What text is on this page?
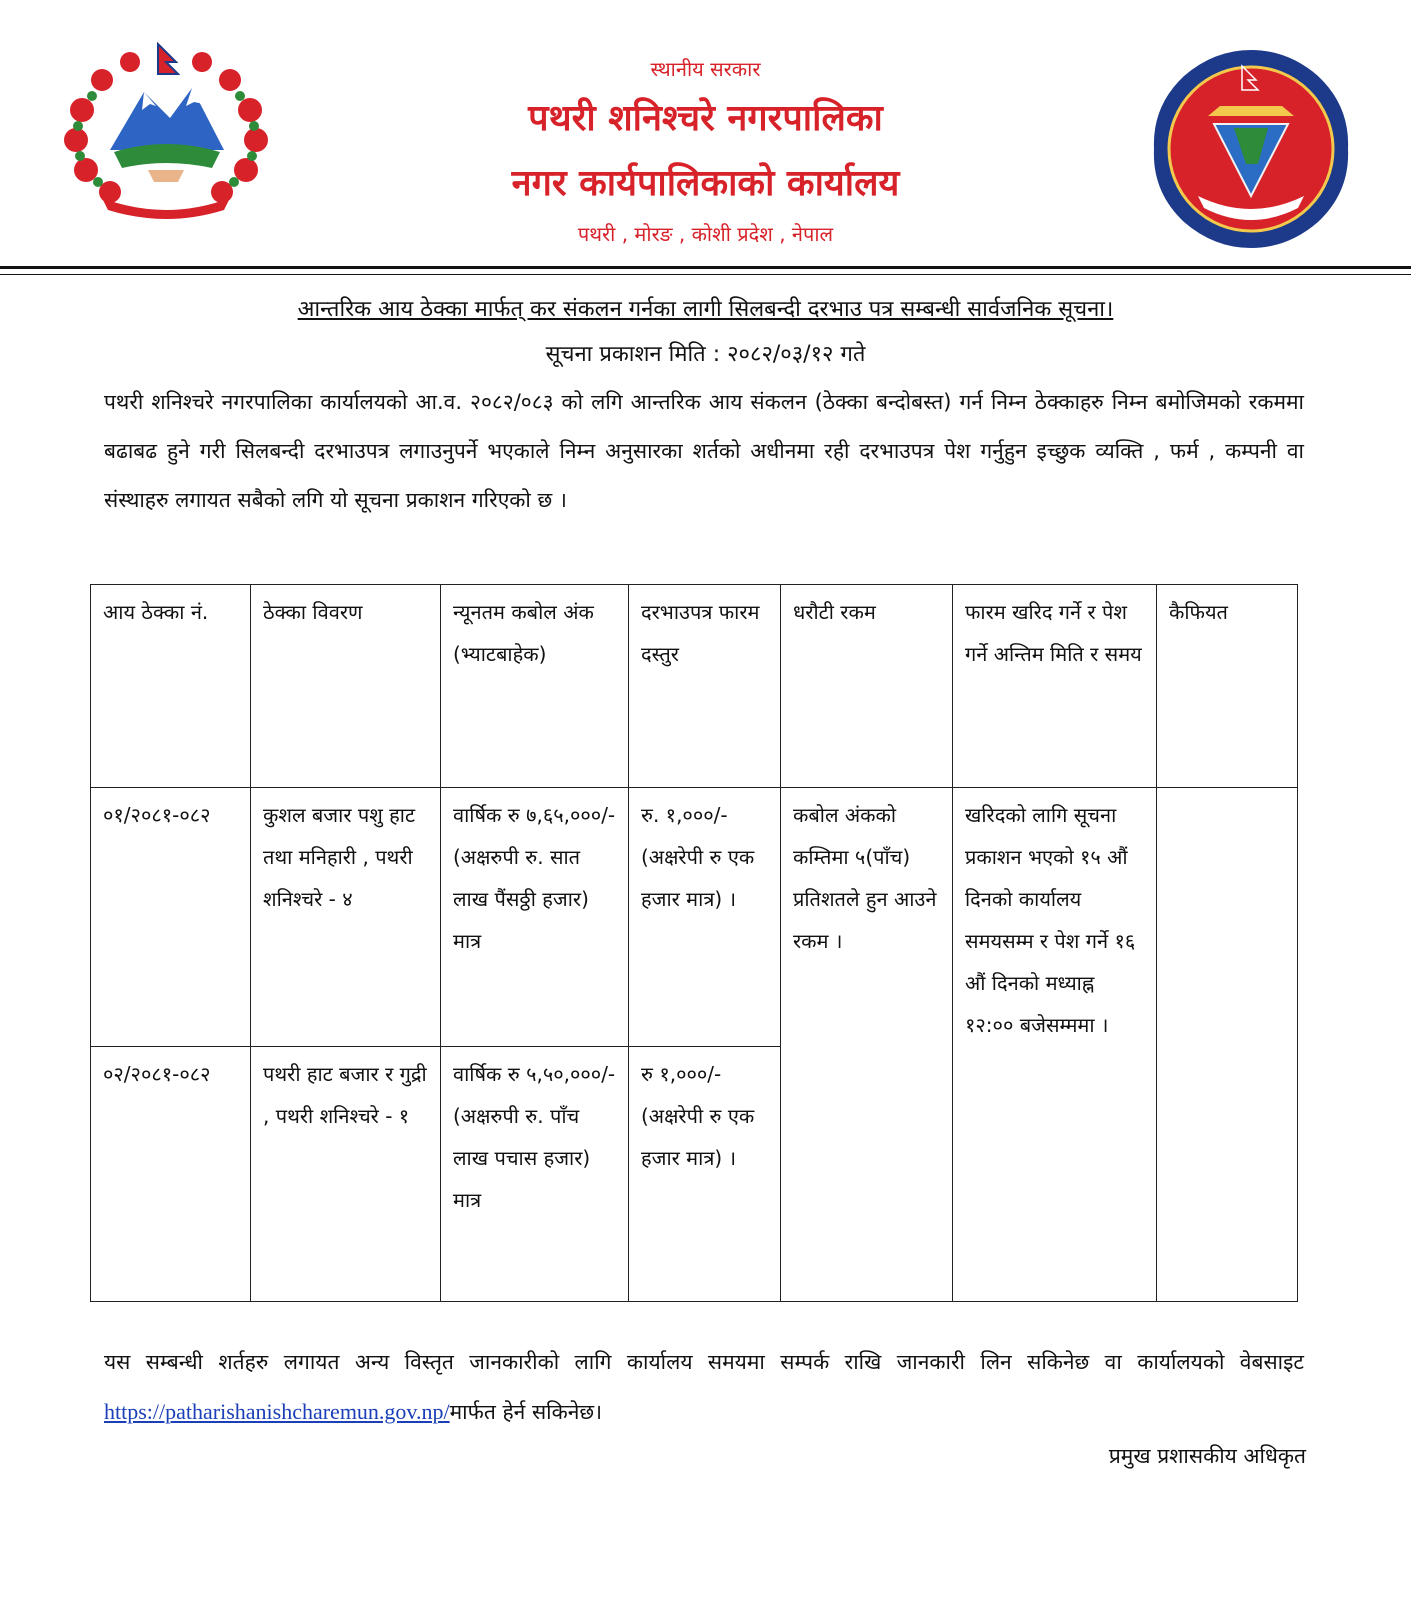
स्थानीय सरकार
पथरी शनिश्चरे नगरपालिका
नगर कार्यपालिकाको कार्यालय
पथरी , मोरङ , कोशी प्रदेश , नेपाल
आन्तरिक आय ठेक्का मार्फत् कर संकलन गर्नका लागी सिलबन्दी दरभाउ पत्र सम्बन्धी सार्वजनिक सूचना।
सूचना प्रकाशन मिति : २०८२/०३/१२ गते

पथरी शनिश्चरे नगरपालिका कार्यालयको आ.व. २०८२/०८३ को लगि आन्तरिक आय संकलन (ठेक्का बन्दोबस्त) गर्न निम्न ठेक्काहरु निम्न बमोजिमको रकममा बढाबढ हुने गरी सिलबन्दी दरभाउपत्र लगाउनुपर्ने भएकाले निम्न अनुसारका शर्तको अधीनमा रही दरभाउपत्र पेश गर्नुहुन इच्छुक व्यक्ति , फर्म , कम्पनी वा संस्थाहरु लगायत सबैको लगि यो सूचना प्रकाशन गरिएको छ ।

आय ठेक्का नं.	ठेक्का विवरण	न्यूनतम कबोल अंक (भ्याटबाहेक)	दरभाउपत्र फारम दस्तुर	धरौटी रकम	फारम खरिद गर्ने र पेश गर्ने अन्तिम मिति र समय	कैफियत
०१/२०८१-०८२	कुशल बजार पशु हाट तथा मनिहारी , पथरी शनिश्चरे - ४	वार्षिक रु ७,६५,०००/- (अक्षरुपी रु. सात लाख पैंसठ्ठी हजार) मात्र	रु. १,०००/- (अक्षरेपी रु एक हजार मात्र) ।	कबोल अंकको कम्तिमा ५(पाँच) प्रतिशतले हुन आउने रकम ।	खरिदको लागि सूचना प्रकाशन भएको १५ औं दिनको कार्यालय समयसम्म र पेश गर्ने १६ औं दिनको मध्याह्न १२:०० बजेसम्ममा ।	
०२/२०८१-०८२	पथरी हाट बजार र गुद्री , पथरी शनिश्चरे - १	वार्षिक रु ५,५०,०००/- (अक्षरुपी रु. पाँच लाख पचास हजार) मात्र	रु १,०००/- (अक्षरेपी रु एक हजार मात्र) ।			

यस सम्बन्धी शर्तहरु लगायत अन्य विस्तृत जानकारीको लागि कार्यालय समयमा सम्पर्क राखि जानकारी लिन सकिनेछ वा कार्यालयको वेबसाइट https://patharishanishcharemun.gov.np/मार्फत हेर्न सकिनेछ।

प्रमुख प्रशासकीय अधिकृत
